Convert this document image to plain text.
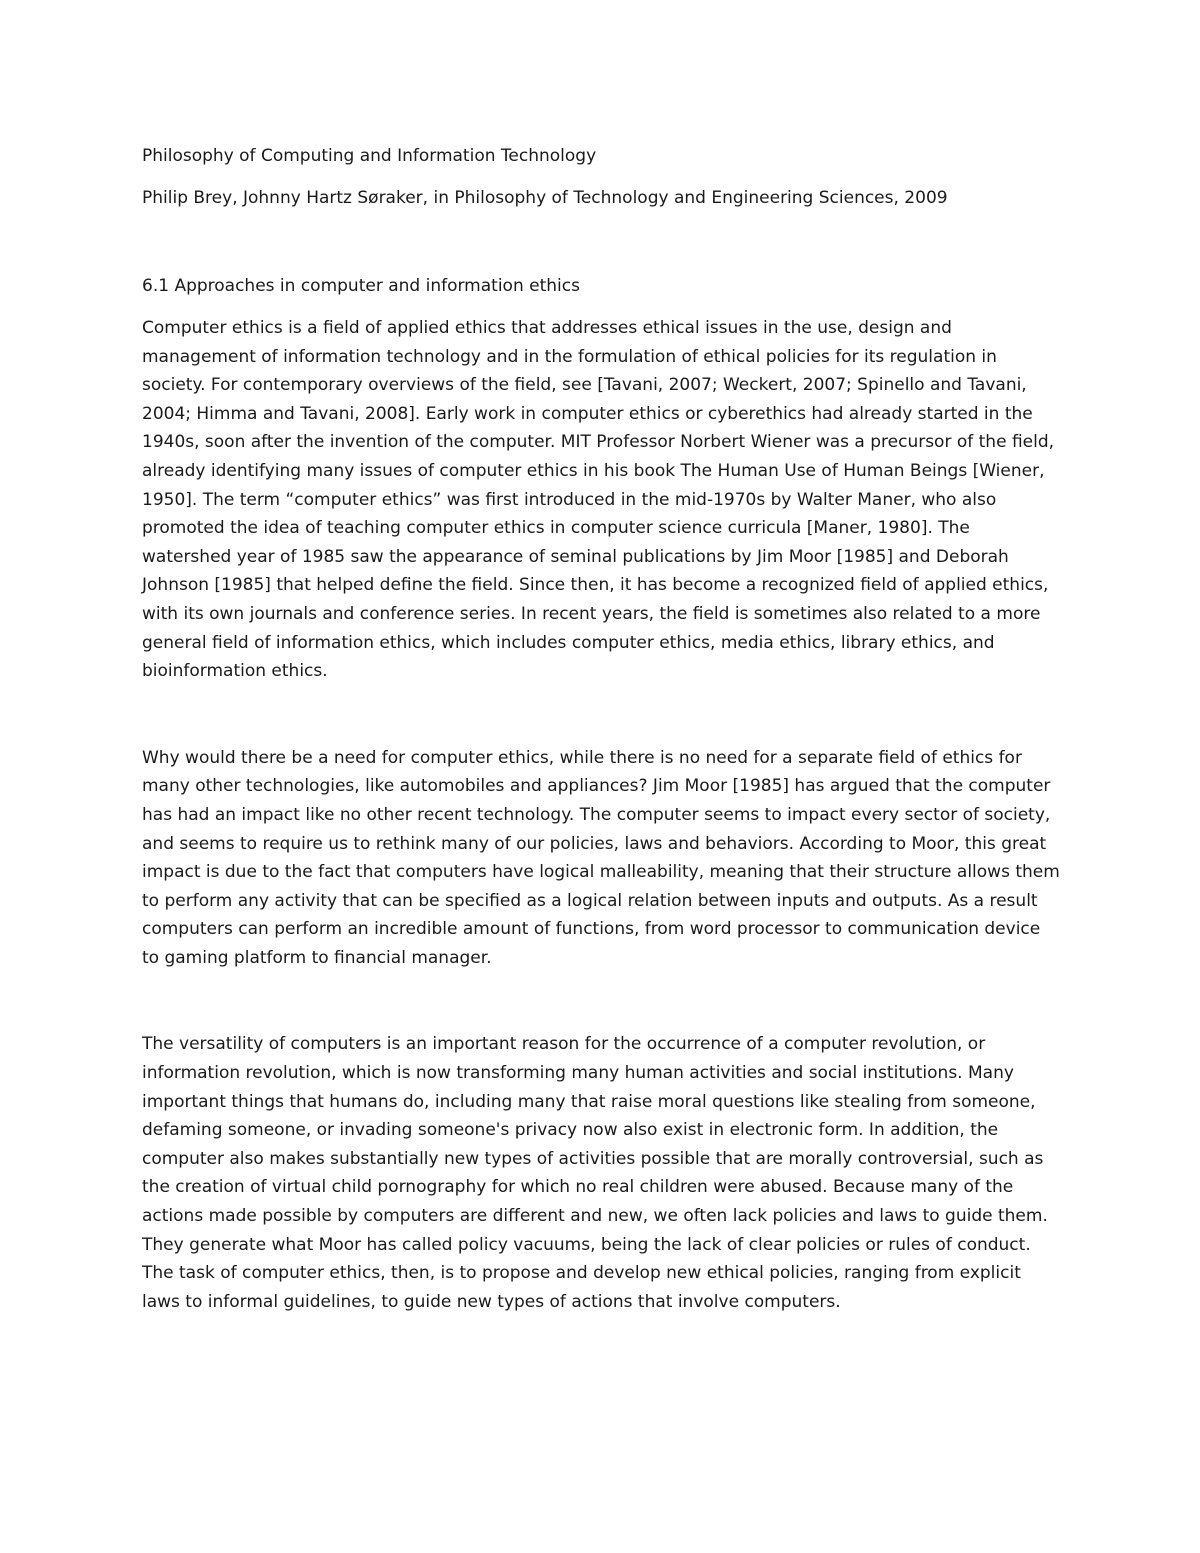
Philosophy of Computing and Information Technology

Philip Brey, Johnny Hartz Søraker, in Philosophy of Technology and Engineering Sciences, 2009

6.1 Approaches in computer and information ethics

Computer ethics is a field of applied ethics that addresses ethical issues in the use, design and management of information technology and in the formulation of ethical policies for its regulation in society. For contemporary overviews of the field, see [Tavani, 2007; Weckert, 2007; Spinello and Tavani, 2004; Himma and Tavani, 2008]. Early work in computer ethics or cyberethics had already started in the 1940s, soon after the invention of the computer. MIT Professor Norbert Wiener was a precursor of the field, already identifying many issues of computer ethics in his book The Human Use of Human Beings [Wiener, 1950]. The term “computer ethics” was first introduced in the mid-1970s by Walter Maner, who also promoted the idea of teaching computer ethics in computer science curricula [Maner, 1980]. The watershed year of 1985 saw the appearance of seminal publications by Jim Moor [1985] and Deborah Johnson [1985] that helped define the field. Since then, it has become a recognized field of applied ethics, with its own journals and conference series. In recent years, the field is sometimes also related to a more general field of information ethics, which includes computer ethics, media ethics, library ethics, and bioinformation ethics.

Why would there be a need for computer ethics, while there is no need for a separate field of ethics for many other technologies, like automobiles and appliances? Jim Moor [1985] has argued that the computer has had an impact like no other recent technology. The computer seems to impact every sector of society, and seems to require us to rethink many of our policies, laws and behaviors. According to Moor, this great impact is due to the fact that computers have logical malleability, meaning that their structure allows them to perform any activity that can be specified as a logical relation between inputs and outputs. As a result computers can perform an incredible amount of functions, from word processor to communication device to gaming platform to financial manager.

The versatility of computers is an important reason for the occurrence of a computer revolution, or information revolution, which is now transforming many human activities and social institutions. Many important things that humans do, including many that raise moral questions like stealing from someone, defaming someone, or invading someone's privacy now also exist in electronic form. In addition, the computer also makes substantially new types of activities possible that are morally controversial, such as the creation of virtual child pornography for which no real children were abused. Because many of the actions made possible by computers are different and new, we often lack policies and laws to guide them. They generate what Moor has called policy vacuums, being the lack of clear policies or rules of conduct. The task of computer ethics, then, is to propose and develop new ethical policies, ranging from explicit laws to informal guidelines, to guide new types of actions that involve computers.
